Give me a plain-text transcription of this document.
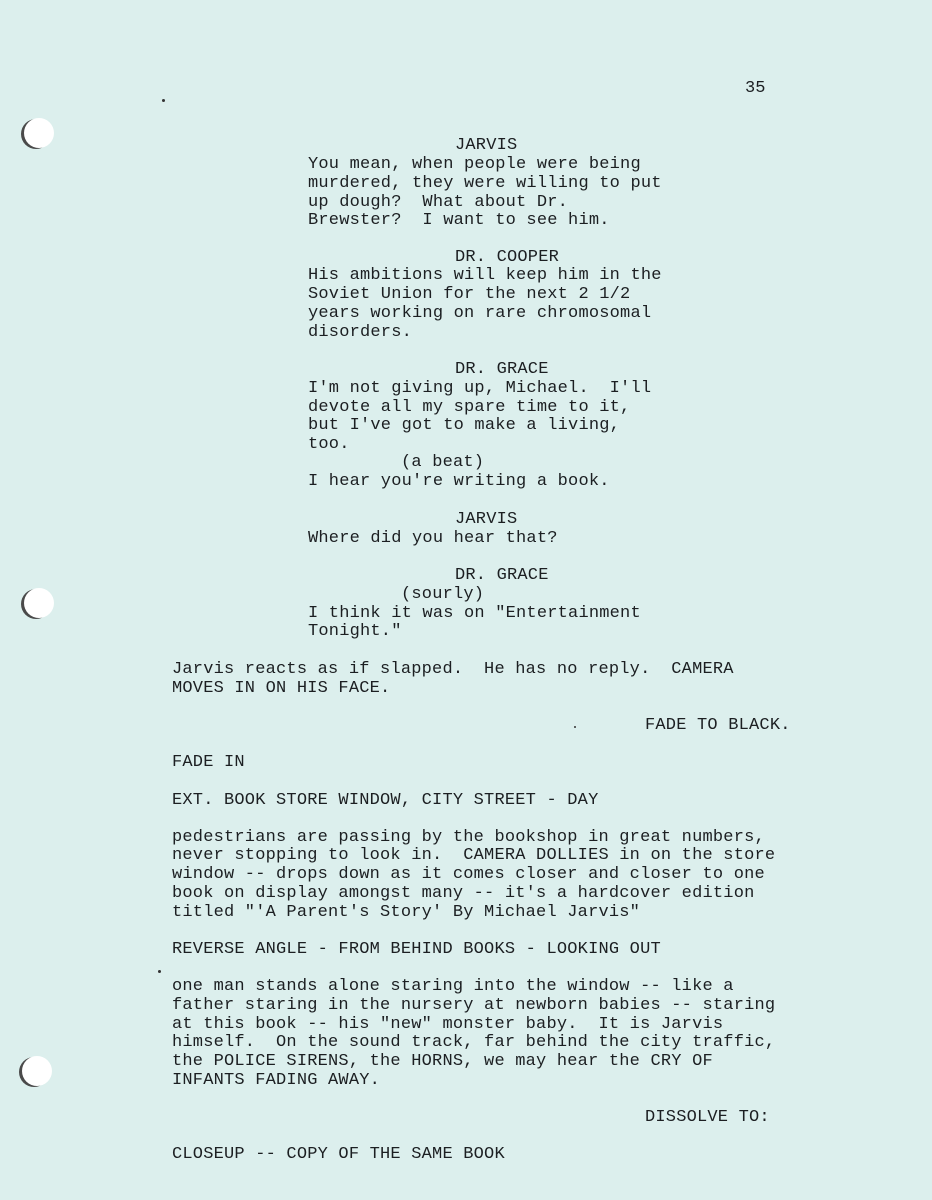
35
JARVIS
You mean, when people were being
murdered, they were willing to put
up dough?  What about Dr.
Brewster?  I want to see him.
DR. COOPER
His ambitions will keep him in the
Soviet Union for the next 2 1/2
years working on rare chromosomal
disorders.
DR. GRACE
I'm not giving up, Michael.  I'll
devote all my spare time to it,
but I've got to make a living,
too.
(a beat)
I hear you're writing a book.
JARVIS
Where did you hear that?
DR. GRACE
(sourly)
I think it was on "Entertainment
Tonight."
Jarvis reacts as if slapped.  He has no reply.  CAMERA
MOVES IN ON HIS FACE.
FADE TO BLACK.
FADE IN
EXT. BOOK STORE WINDOW, CITY STREET - DAY
pedestrians are passing by the bookshop in great numbers,
never stopping to look in.  CAMERA DOLLIES in on the store
window -- drops down as it comes closer and closer to one
book on display amongst many -- it's a hardcover edition
titled "'A Parent's Story' By Michael Jarvis"
REVERSE ANGLE - FROM BEHIND BOOKS - LOOKING OUT
one man stands alone staring into the window -- like a
father staring in the nursery at newborn babies -- staring
at this book -- his "new" monster baby.  It is Jarvis
himself.  On the sound track, far behind the city traffic,
the POLICE SIRENS, the HORNS, we may hear the CRY OF
INFANTS FADING AWAY.
DISSOLVE TO:
CLOSEUP -- COPY OF THE SAME BOOK
